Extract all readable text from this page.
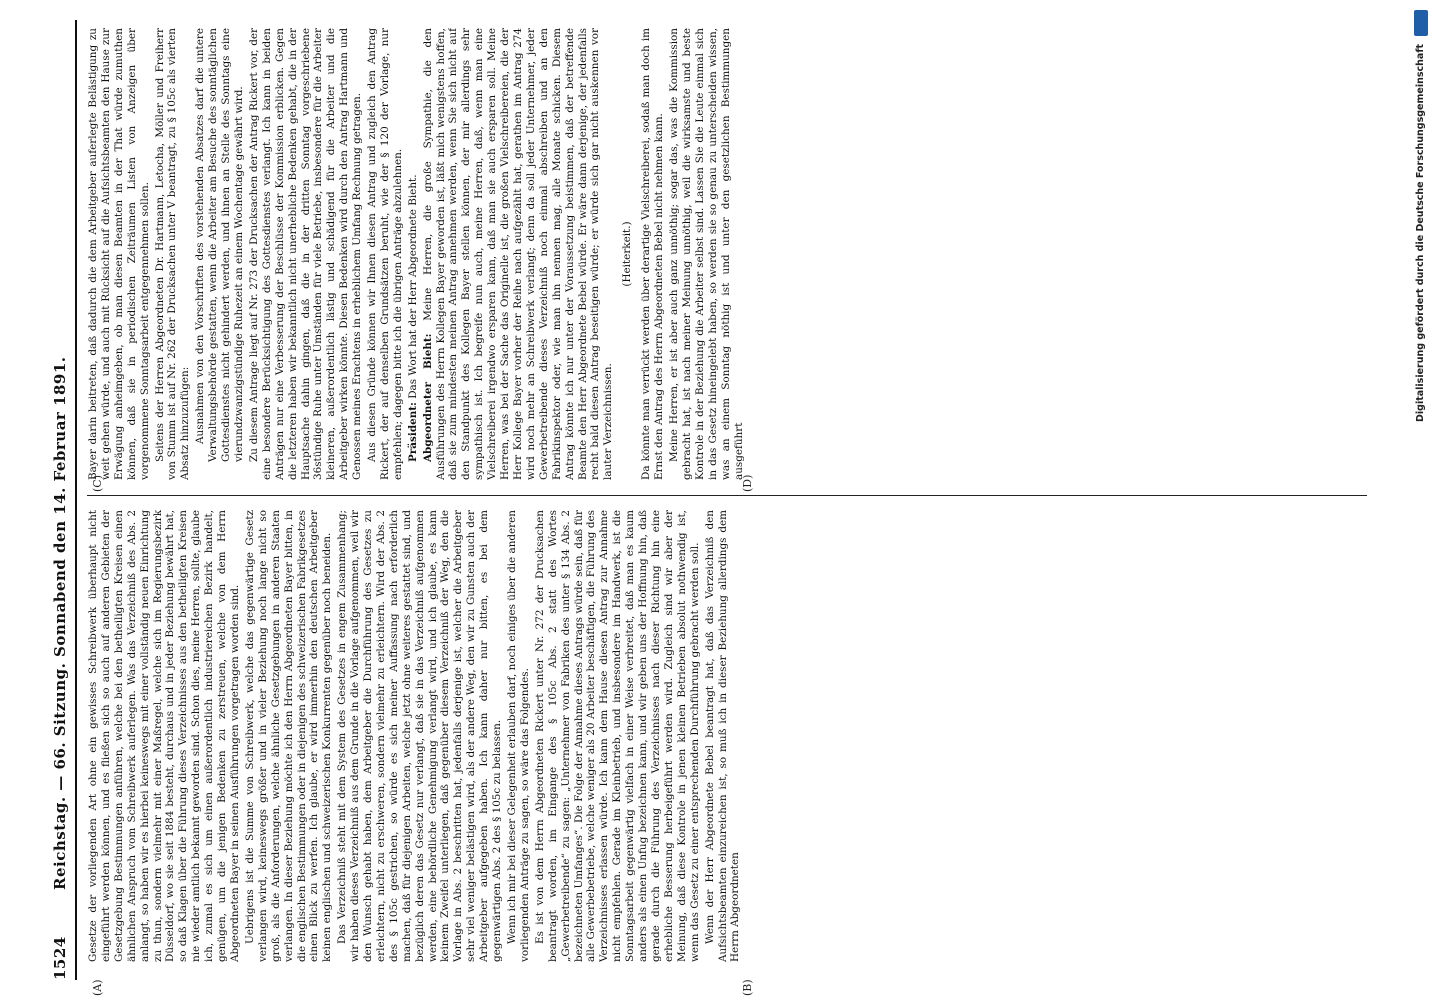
Digitalisierung gefördert durch die Deutsche Forschungsgemeinschaft
1524
Reichstag. — 66. Sitzung. Sonnabend den 14. Februar 1891.
(A)	(B)
(C)	(D)

Gesetze der vorliegenden Art ohne ein gewisses Schreibwerk überhaupt nicht eingeführt werden können, und es fließen sich so auch auf anderen Gebieten der Gesetzgebung Bestimmungen anführen, welche bei den betheiligten Kreisen einen ähnlichen Anspruch vom Schreibwerk auferlegen. Was das Verzeichniß des Abs. 2 anlangt, so haben wir es hierbei keineswegs mit einer vollständig neuen Einrichtung zu thun, sondern vielmehr mit einer Maßregel, welche sich im Regierungsbezirk Düsseldorf, wo sie seit 1884 besteht, durchaus und in jeder Beziehung bewährt hat, so daß Klagen über die Führung dieses Verzeichnisses aus den betheiligten Kreisen nie wieder amtlich bekannt geworden sind. Schon dies, meine Herren, sollte, glaube ich, zumal es sich um einen außerordentlich industriereichen Bezirk handelt, genügen, um die jenigen Bedenken zu zerstreuen, welche von dem Herrn Abgeordneten Bayer in seinen Ausführungen vorgetragen worden sind. Uebrigens ist die Summe von Schreibwerk, welche das gegenwärtige Gesetz verlangen wird, keineswegs größer und in vieler Beziehung noch lange nicht so groß, als die Anforderungen, welche ähnliche Gesetzgebungen in anderen Staaten verlangen. In dieser Beziehung möchte ich den Herrn Abgeordneten Bayer bitten, in die englischen Bestimmungen oder in diejenigen des schweizerischen Fabrikgesetzes einen Blick zu werfen. Ich glaube, er wird immerhin den deutschen Arbeitgeber keinen englischen und schweizerischen Konkurrenten gegenüber noch beneiden. Das Verzeichniß steht mit dem System des Gesetzes in engem Zusammenhang; wir haben dieses Verzeichniß aus dem Grunde in die Vorlage aufgenommen, weil wir den Wunsch gehabt haben, dem Arbeitgeber die Durchführung des Gesetzes zu erleichtern, nicht zu erschweren, sondern vielmehr zu erleichtern. Wird der Abs. 2 des § 105c gestrichen, so würde es sich meiner Auffassung nach erforderlich machen, daß für diejenigen Arbeiten, welche jetzt ohne weiteres gestattet sind, und bezüglich deren das Gesetz nur verlangt, daß sie in das Verzeichniß aufgenommen werden, eine behördliche Genehmigung verlangt wird, und ich glaube, es kann keinem Zweifel unterliegen, daß gegenüber diesem Verzeichniß der Weg, den die Vorlage in Abs. 2 beschritten hat, jedenfalls derjenige ist, welcher die Arbeitgeber sehr viel weniger belästigen wird, als der andere Weg, den wir zu Gunsten auch der Arbeitgeber aufgegeben haben. Ich kann daher nur bitten, es bei dem gegenwärtigen Abs. 2 des § 105c zu belassen. Wenn ich mir bei dieser Gelegenheit erlauben darf, noch einiges über die anderen vorliegenden Anträge zu sagen, so wäre das Folgendes. Es ist von dem Herrn Abgeordneten Rickert unter Nr. 272 der Drucksachen beantragt worden, im Eingange des § 105c Abs. 2 statt des Wortes „Gewerbetreibende“ zu sagen: „Unternehmer von Fabriken des unter § 134 Abs. 2 bezeichneten Umfanges“. Die Folge der Annahme dieses Antrags würde sein, daß für alle Gewerbebetriebe, welche weniger als 20 Arbeiter beschäftigen, die Führung des Verzeichnisses erlassen würde. Ich kann dem Hause diesen Antrag zur Annahme nicht empfehlen. Gerade im Kleinbetrieb, und insbesondere im Handwerk, ist die Sonntagsarbeit gegenwärtig vielfach in einer Weise verbreitet, daß man es kaum anders als einen Unfug bezeichnen kann, und wir geben uns der Hoffnung hin, daß gerade durch die Führung des Verzeichnisses nach dieser Richtung hin eine erhebliche Besserung herbeigeführt werden wird. Zugleich sind wir aber der Meinung, daß diese Kontrole in jenen kleinen Betrieben absolut nothwendig ist, wenn das Gesetz zu einer entsprechenden Durchführung gebracht werden soll. Wenn der Herr Abgeordnete Bebel beantragt hat, daß das Verzeichniß den Aufsichtsbeamten einzureichen ist, so muß ich in dieser Beziehung allerdings dem Herrn Abgeordneten

Bayer darin beitreten, daß dadurch die dem Arbeitgeber auferlegte Belästigung zu weit gehen würde, und auch mit Rücksicht auf die Aufsichtsbeamten den Hause zur Erwägung anheimgeben, ob man diesen Beamten in der That würde zumuthen können, daß sie in periodischen Zeiträumen Listen von Anzeigen über vorgenommene Sonntagsarbeit entgegennehmen sollen. Seitens der Herren Abgeordneten Dr. Hartmann, Letocha, Möller und Freiherr von Stumm ist auf Nr. 262 der Drucksachen unter V beantragt, zu § 105c als vierten Absatz hinzuzufügen: Ausnahmen von den Vorschriften des vorstehenden Absatzes darf die untere Verwaltungsbehörde gestatten, wenn die Arbeiter am Besuche des sonntäglichen Gottesdienstes nicht gehindert werden, und ihnen an Stelle des Sonntags eine vierundzwanzigstündige Ruhezeit an einem Wochentage gewährt wird. Zu diesem Antrage liegt auf Nr. 273 der Drucksachen der Antrag Rickert vor, der eine besondere Berücksichtigung des Gottesdienstes verlangt. Ich kann in beiden Anträgen nur eine Verbesserung der Beschlüsse der Kommission erblicken. Gegen die letzteren haben wir bekanntlich nicht unerhebliche Bedenken gehabt, die in der Hauptsache dahin gingen, daß die in der dritten Sonntag vorgeschriebene 36stündige Ruhe unter Umständen für viele Betriebe, insbesondere für die Arbeiter kleineren, außerordentlich lästig und schädigend für die Arbeiter und die Arbeitgeber wirken könnte. Diesen Bedenken wird durch den Antrag Hartmann und Genossen meines Erachtens in erheblichem Umfang Rechnung getragen. Aus diesen Gründe können wir Ihnen diesen Antrag und zugleich den Antrag Rickert, der auf denselben Grundsätzen beruht, wie der § 120 der Vorlage, nur empfehlen; dagegen bitte ich die übrigen Anträge abzulehnen. Präsident: Das Wort hat der Herr Abgeordnete Bieht. Abgeordneter Bieht: Meine Herren, die große Sympathie, die den Ausführungen des Herrn Kollegen Bayer geworden ist, läßt mich wenigstens hoffen, daß sie zum mindesten meinen Antrag annehmen werden, wenn Sie sich nicht auf den Standpunkt des Kollegen Bayer stellen können, der mir allerdings sehr sympathisch ist. Ich begreife nun auch, meine Herren, daß, wenn man eine Vielschreiberei irgendwo ersparen kann, daß man sie auch ersparen soll. Meine Herren, was bei der Sache das Originelle ist, die großen Vielschreibereien, die der Herr Kollege Bayer vorher der Reihe nach aufgezählt hat, gerathen im Antrag 274 wird noch mehr an Schreibwerk verlangt; denn da soll jeder Unternehmer, jeder Gewerbetreibende dieses Verzeichniß noch einmal abschreiben und an den Fabrikinspektor oder, wie man ihn nennen mag, alle Monate schicken. Diesem Antrag könnte ich nur unter der Voraussetzung beistimmen, daß der betreffende Beamte den Herr Abgeordnete Bebel würde. Er wäre dann derjenige, der jedenfalls recht bald diesen Antrag beseitigen würde; er würde sich gar nicht auskennen vor lauter Verzeichnissen.

(Heiterkeit.) Da könnte man verrückt werden über derartige Vielschreiberei, sodaß man doch im Ernst den Antrag des Herrn Abgeordneten Bebel nicht nehmen kann. Meine Herren, er ist aber auch ganz unnöthig; sogar das, was die Kommission gebracht hat, ist nach meiner Meinung unnöthig, weil die wirksamste und beste Kontrole in der Beziehung die Arbeiter selbst sind. Lassen Sie die Leute einmal sich in das Gesetz hineingelebt haben, so werden sie so genau zu unterscheiden wissen, was an einem Sonntag nöthig ist und unter den gesetzlichen Bestimmungen ausgeführt
